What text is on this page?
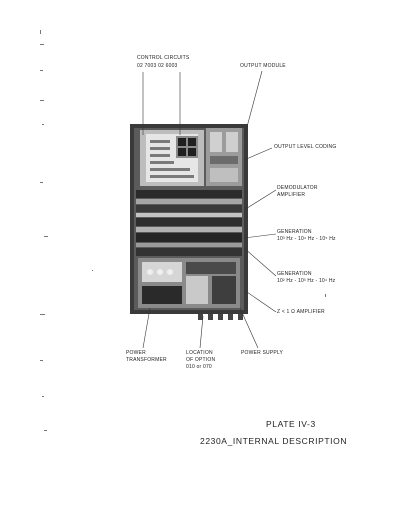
CONTROL CIRCUITS
02 7003 02 6003	OUTPUT MODULE
OUTPUT LEVEL CODING
DEMODULATOR
AMPLIFIER
GENERATION
10³ Hz - 10⁴ Hz - 10⁵ Hz
GENERATION
10² Hz - 10³ Hz - 10⁴ Hz
Z < 1 Ω AMPLIFIER
POWER
TRANSFORMER
LOCATION
OF OPTION
010 or 070
POWER SUPPLY
PLATE IV-3
2230A_INTERNAL DESCRIPTION
